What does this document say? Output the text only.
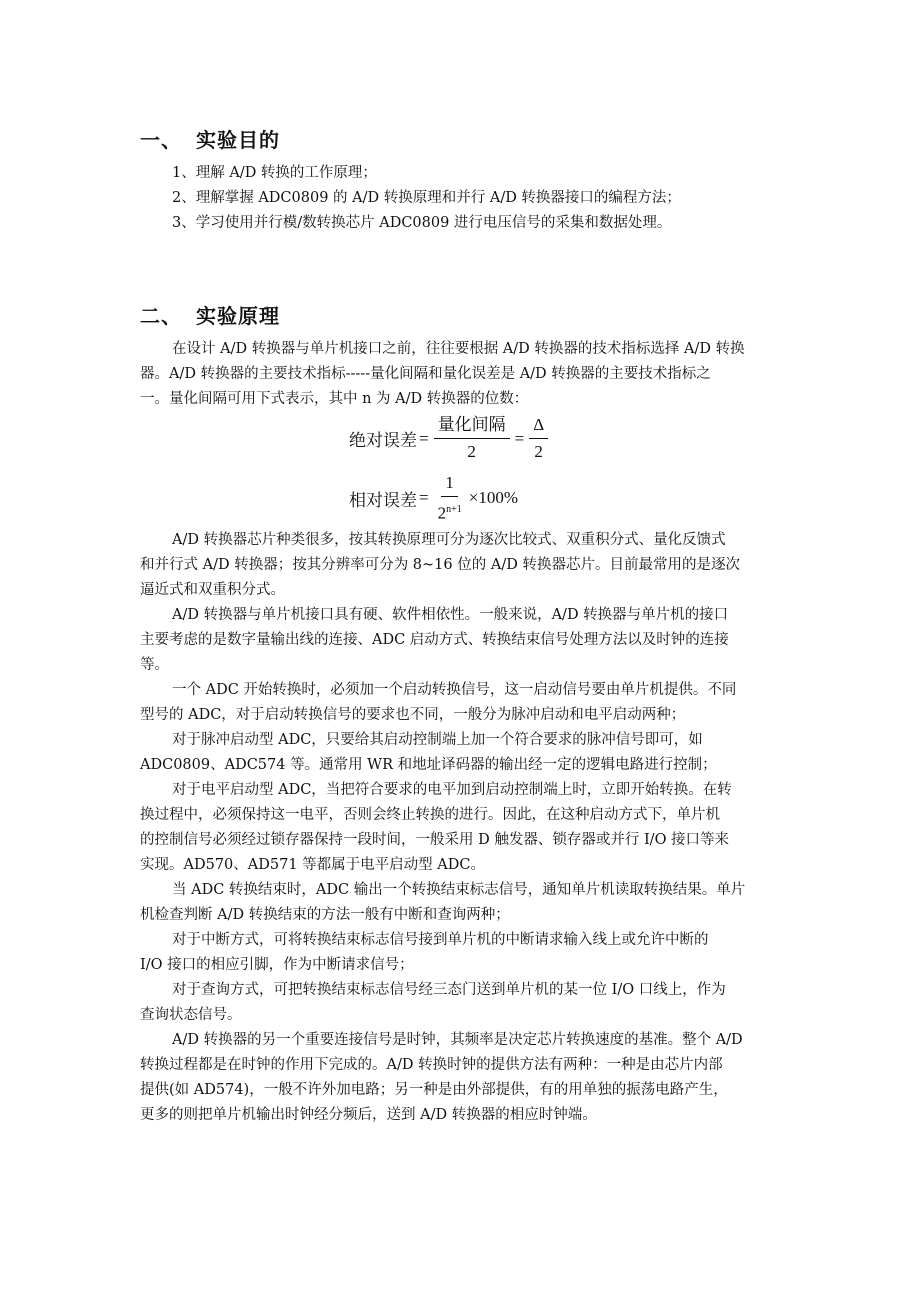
一、 实验目的
1、理解 A/D 转换的工作原理；
2、理解掌握 ADC0809 的 A/D 转换原理和并行 A/D 转换器接口的编程方法；
3、学习使用并行模/数转换芯片 ADC0809 进行电压信号的采集和数据处理。
二、 实验原理
在设计 A/D 转换器与单片机接口之前，往往要根据 A/D 转换器的技术指标选择 A/D 转换
器。A/D 转换器的主要技术指标-----量化间隔和量化误差是 A/D 转换器的主要技术指标之
一。量化间隔可用下式表示，其中 n 为 A/D 转换器的位数：
绝对误差 = $\frac{\text{量化间隔}}{2} = \frac{\Delta}{2}$
相对误差 = $\frac{1}{2^{n+1}} \times 100\%$
A/D 转换器芯片种类很多，按其转换原理可分为逐次比较式、双重积分式、量化反馈式
和并行式 A/D 转换器；按其分辨率可分为 8~16 位的 A/D 转换器芯片。目前最常用的是逐次
逼近式和双重积分式。
A/D 转换器与单片机接口具有硬、软件相依性。一般来说，A/D 转换器与单片机的接口
主要考虑的是数字量输出线的连接、ADC 启动方式、转换结束信号处理方法以及时钟的连接
等。
一个 ADC 开始转换时，必须加一个启动转换信号，这一启动信号要由单片机提供。不同
型号的 ADC，对于启动转换信号的要求也不同，一般分为脉冲启动和电平启动两种；
对于脉冲启动型 ADC，只要给其启动控制端上加一个符合要求的脉冲信号即可，如
ADC0809、ADC574 等。通常用 WR 和地址译码器的输出经一定的逻辑电路进行控制；
对于电平启动型 ADC，当把符合要求的电平加到启动控制端上时，立即开始转换。在转
换过程中，必须保持这一电平，否则会终止转换的进行。因此，在这种启动方式下，单片机
的控制信号必须经过锁存器保持一段时间，一般采用 D 触发器、锁存器或并行 I/O 接口等来
实现。AD570、AD571 等都属于电平启动型 ADC。
当 ADC 转换结束时，ADC 输出一个转换结束标志信号，通知单片机读取转换结果。单片
机检查判断 A/D 转换结束的方法一般有中断和查询两种；
对于中断方式，可将转换结束标志信号接到单片机的中断请求输入线上或允许中断的
I/O 接口的相应引脚，作为中断请求信号；
对于查询方式，可把转换结束标志信号经三态门送到单片机的某一位 I/O 口线上，作为
查询状态信号。
A/D 转换器的另一个重要连接信号是时钟，其频率是决定芯片转换速度的基准。整个 A/D
转换过程都是在时钟的作用下完成的。A/D 转换时钟的提供方法有两种：一种是由芯片内部
提供(如 AD574)，一般不许外加电路；另一种是由外部提供，有的用单独的振荡电路产生，
更多的则把单片机输出时钟经分频后，送到 A/D 转换器的相应时钟端。
